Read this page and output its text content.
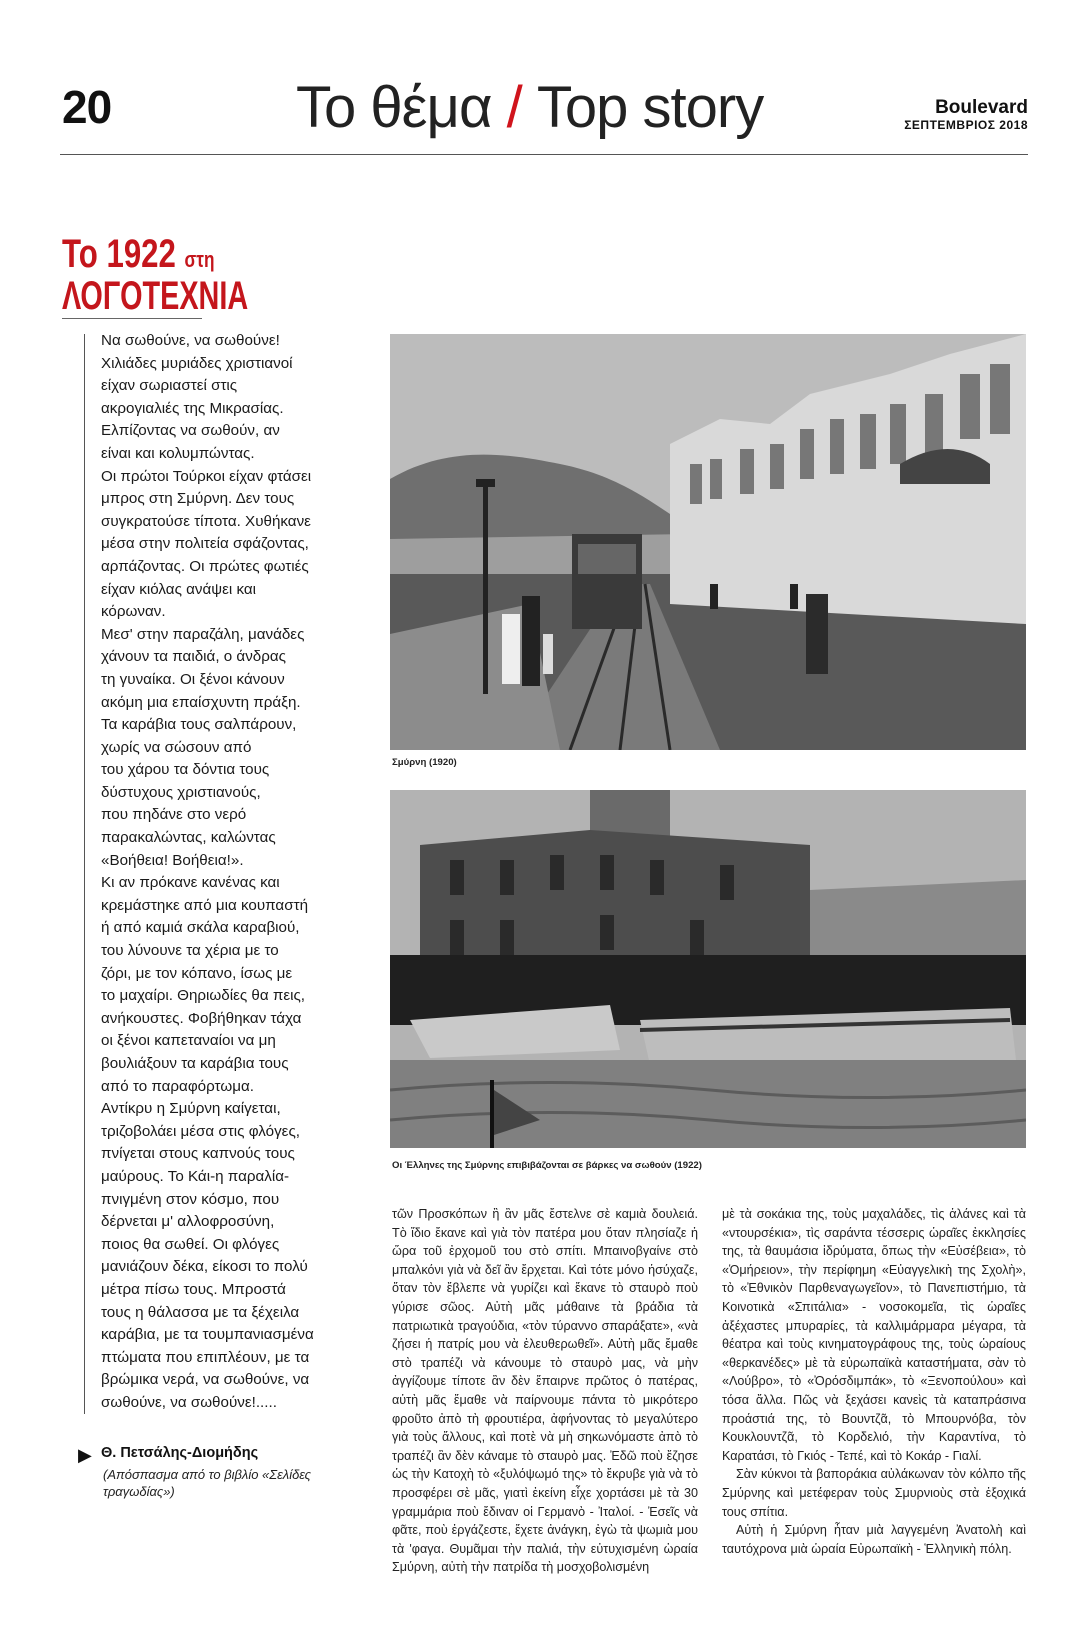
20	Το θέμα / Top story	Boulevard
ΣΕΠΤΕΜΒΡΙΟΣ 2018
Το 1922 στη
ΛΟΓΟΤΕΧΝΙΑ
Να σωθούνε, να σωθούνε!
Χιλιάδες μυριάδες χριστιανοί
είχαν σωριαστεί στις
ακρογιαλιές της Μικρασίας.
Ελπίζοντας να σωθούν, αν
είναι και κολυμπώντας.
Οι πρώτοι Τούρκοι είχαν φτάσει
μπρος στη Σμύρνη. Δεν τους
συγκρατούσε τίποτα. Χυθήκανε
μέσα στην πολιτεία σφάζοντας,
αρπάζοντας. Οι πρώτες φωτιές
είχαν κιόλας ανάψει και
κόρωναν.
Μεσ' στην παραζάλη, μανάδες
χάνουν τα παιδιά, ο άνδρας
τη γυναίκα. Οι ξένοι κάνουν
ακόμη μια επαίσχυντη πράξη.
Τα καράβια τους σαλπάρουν,
χωρίς να σώσουν από
του χάρου τα δόντια τους
δύστυχους χριστιανούς,
που πηδάνε στο νερό
παρακαλώντας, καλώντας
«Βοήθεια! Βοήθεια!».
Κι αν πρόκανε κανένας και
κρεμάστηκε από μια κουπαστή
ή από καμιά σκάλα καραβιού,
του λύνουνε τα χέρια με το
ζόρι, με τον κόπανο, ίσως με
το μαχαίρι. Θηριωδίες θα πεις,
ανήκουστες. Φοβήθηκαν τάχα
οι ξένοι καπεταναίοι να μη
βουλιάξουν τα καράβια τους
από το παραφόρτωμα.
Αντίκρυ η Σμύρνη καίγεται,
τριζοβολάει μέσα στις φλόγες,
πνίγεται στους καπνούς τους
μαύρους. Το Κάι-η παραλία-
πνιγμένη στον κόσμο, που
δέρνεται μ' αλλοφροσύνη,
ποιος θα σωθεί. Οι φλόγες
μανιάζουν δέκα, είκοσι το πολύ
μέτρα πίσω τους. Μπροστά
τους η θάλασσα με τα ξέχειλα
καράβια, με τα τουμπανιασμένα
πτώματα που επιπλέουν, με τα
βρώμικα νερά, να σωθούνε, να
σωθούνε, να σωθούνε!.....
▶ Θ. Πετσάλης-Διομήδης
(Απόσπασμα από το βιβλίο «Σελίδες τραγωδίας»)
Σμύρνη (1920)
Οι Έλληνες της Σμύρνης επιβιβάζονται σε βάρκες να σωθούν (1922)

τῶν Προσκόπων ἢ ἂν μᾶς ἔστελνε σὲ καμιὰ δουλειά. Τὸ ἴδιο ἔκανε καὶ γιὰ τὸν πατέρα μου ὅταν πλησίαζε ἡ ὥρα τοῦ ἐρχομοῦ του στὸ σπίτι. Μπαινοβγαίνε στὸ μπαλκόνι γιὰ νὰ δεῖ ἂν ἔρχεται. Καὶ τότε μόνο ἡσύχαζε, ὅταν τὸν ἔβλεπε νὰ γυρίζει καὶ ἔκανε τὸ σταυρὸ ποὺ γύρισε σῶος. Αὐτὴ μᾶς μάθαινε τὰ βράδια τὰ πατριωτικὰ τραγούδια, «τὸν τύραννο σπαράξατε», «νὰ ζήσει ἡ πατρίς μου νὰ ἐλευθερωθεῖ». Αὐτὴ μᾶς ἔμαθε στὸ τραπέζι νὰ κάνουμε τὸ σταυρὸ μας, νὰ μὴν ἀγγίζουμε τίποτε ἂν δὲν ἔπαιρνε πρῶτος ὁ πατέρας, αὐτὴ μᾶς ἔμαθε νὰ παίρνουμε πάντα τὸ μικρότερο φροῦτο ἀπὸ τὴ φρουτιέρα, ἀφήνοντας τὸ μεγαλύτερο γιὰ τοὺς ἄλλους, καὶ ποτὲ νὰ μὴ σηκωνόμαστε ἀπὸ τὸ τραπέζι ἂν δὲν κάναμε τὸ σταυρὸ μας. Ἐδῶ ποὺ ἔζησε ὡς τὴν Κατοχὴ τὸ «ξυλόψωμό της» τὸ ἔκρυβε γιὰ νὰ τὸ προσφέρει σὲ μᾶς, γιατὶ ἐκείνη εἶχε χορτάσει μὲ τὰ 30 γραμμάρια ποὺ ἔδιναν οἱ Γερμανὸ - Ἰταλοί. - Ἐσεῖς νὰ φᾶτε, ποὺ ἐργάζεστε, ἔχετε ἀνάγκη, ἐγὼ τὰ ψωμιὰ μου τὰ 'φαγα. Θυμᾶμαι τὴν παλιά, τὴν εὐτυχισμένη ὡραία Σμύρνη, αὐτὴ τὴν πατρίδα τὴ μοσχοβολισμένη

μὲ τὰ σοκάκια της, τοὺς μαχαλάδες, τὶς ἁλάνες καὶ τὰ «ντουρσέκια», τὶς σαράντα τέσσερις ὡραῖες ἐκκλησίες της, τὰ θαυμάσια ἱδρύματα, ὅπως τὴν «Εὐσέβεια», τὸ «Ὁμήρειον», τὴν περίφημη «Εὐαγγελικὴ της Σχολὴ», τὸ «Ἐθνικὸν Παρθεναγωγεῖον», τὸ Πανεπιστήμιο, τὰ Κοινοτικὰ «Σπιτάλια» - νοσοκομεῖα, τὶς ὡραῖες ἀξέχαστες μπυραρίες, τὰ καλλιμάρμαρα μέγαρα, τὰ θέατρα καὶ τοὺς κινηματογράφους της, τοὺς ὡραίους «θερκανέδες» μὲ τὰ εὐρωπαϊκὰ καταστήματα, σὰν τὸ «Λούβρο», τὸ «Ὀρόσδιμπάκ», τὸ «Ξενοπούλου» καὶ τόσα ἄλλα. Πῶς νὰ ξεχάσει κανεὶς τὰ καταπράσινα προάστιά της, τὸ Βουντζᾶ, τὸ Μπουρνόβα, τὸν Κουκλουντζᾶ, τὸ Κορδελιό, τὴν Καραντίνα, τὸ Καρατάσι, τὸ Γκιός - Τεπέ, καὶ τὸ Κοκάρ - Γιαλί.

Σὰν κύκνοι τὰ βαποράκια αὐλάκωναν τὸν κόλπο τῆς Σμύρνης καὶ μετέφεραν τοὺς Σμυρνιοὺς στὰ ἐξοχικά τους σπίτια.

Αὐτὴ ἡ Σμύρνη ἦταν μιὰ λαγγεμένη Ἀνατολὴ καὶ ταυτόχρονα μιὰ ὡραία Εὐρωπαϊκὴ - Ἑλληνικὴ πόλη.
